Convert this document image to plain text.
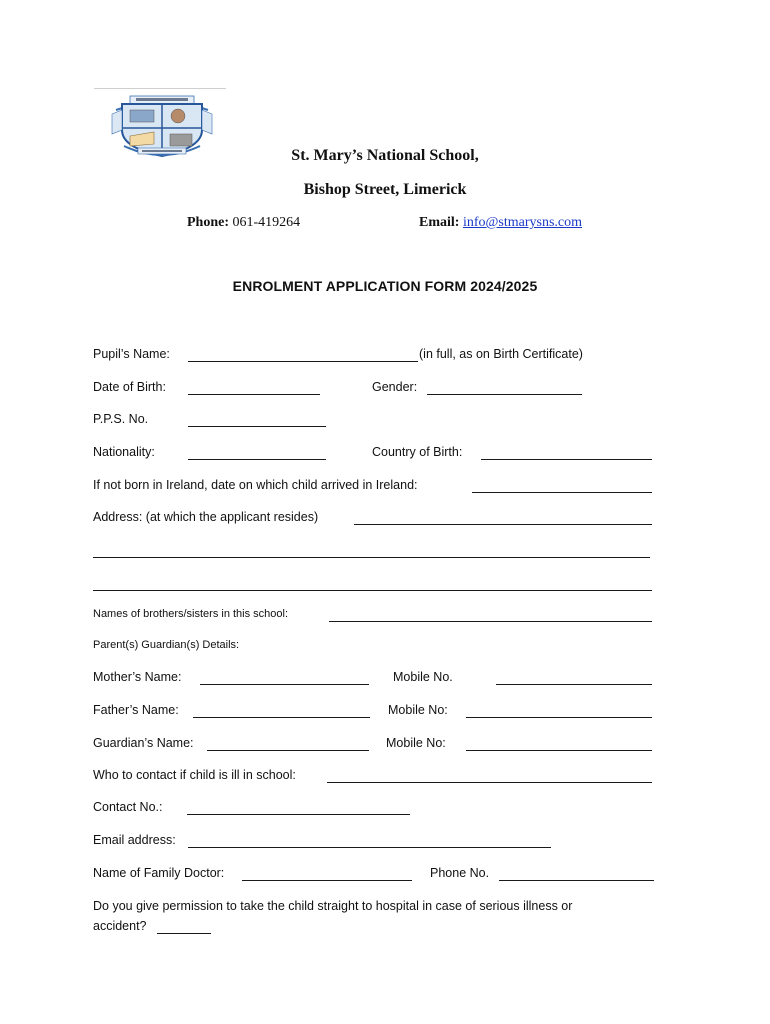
St. Mary’s National School,
Bishop Street, Limerick
Phone: 061-419264	Email: info@stmarysns.com
ENROLMENT APPLICATION FORM 2024/2025
Pupil’s Name:	(in full, as on Birth Certificate)
Date of Birth:	Gender:
P.P.S. No.
Nationality:	Country of Birth:
If not born in Ireland, date on which child arrived in Ireland:
Address: (at which the applicant resides)
Names of brothers/sisters in this school:
Parent(s) Guardian(s) Details:
Mother’s Name:	Mobile No.
Father’s Name:	Mobile No:
Guardian’s Name:	Mobile No:
Who to contact if child is ill in school:
Contact No.:
Email address:
Name of Family Doctor:	Phone No.
Do you give permission to take the child straight to hospital in case of serious illness or
accident?
